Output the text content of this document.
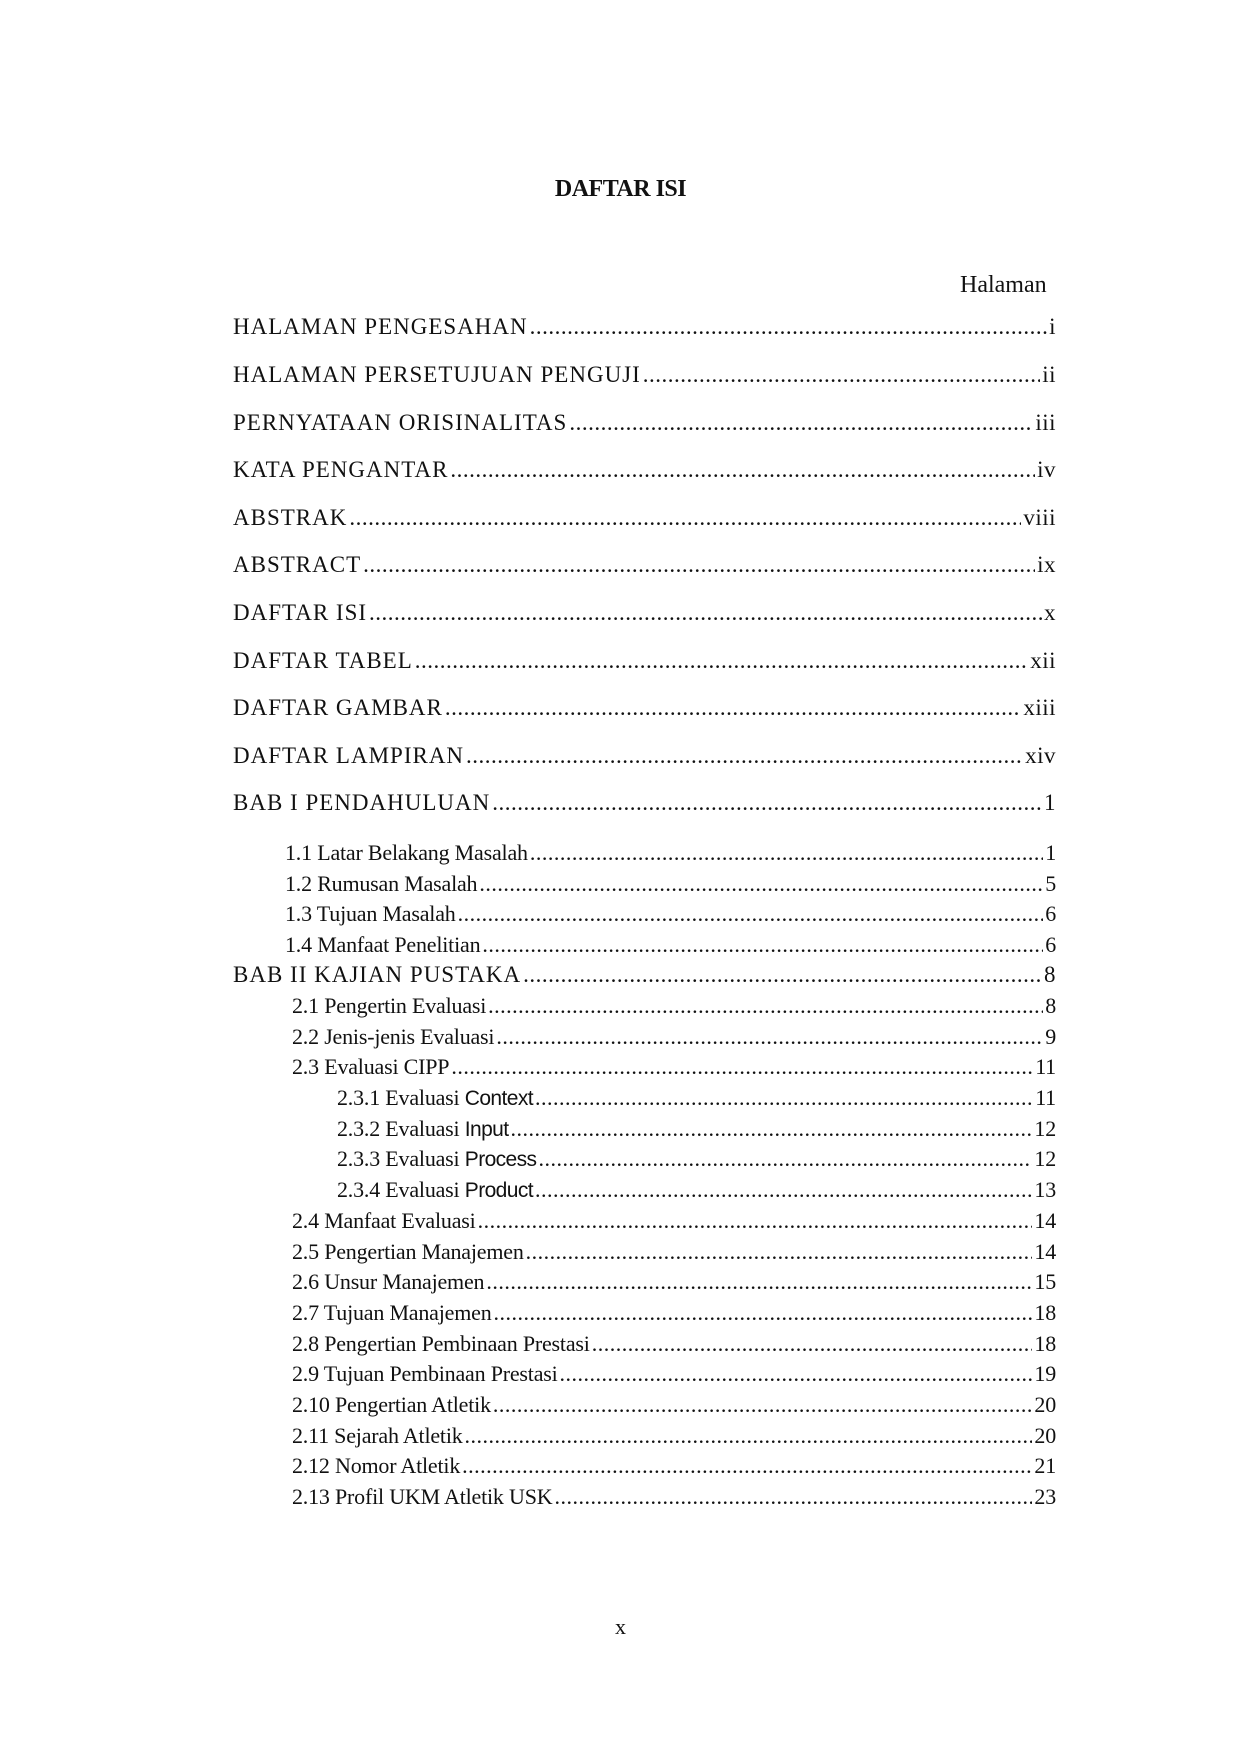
DAFTAR ISI
Halaman
HALAMAN PENGESAHAN .....	i
HALAMAN PERSETUJUAN PENGUJI .....	ii
PERNYATAAN ORISINALITAS .....	iii
KATA PENGANTAR .....	iv
ABSTRAK .....	viii
ABSTRACT .....	ix
DAFTAR ISI .....	x
DAFTAR TABEL .....	xii
DAFTAR GAMBAR .....	xiii
DAFTAR LAMPIRAN .....	xiv
BAB I PENDAHULUAN .....	1
1.1 Latar Belakang Masalah .....	1
1.2 Rumusan Masalah .....	5
1.3 Tujuan Masalah .....	6
1.4 Manfaat Penelitian .....	6
BAB II KAJIAN PUSTAKA .....	8
2.1 Pengertin Evaluasi .....	8
2.2 Jenis-jenis Evaluasi .....	9
2.3 Evaluasi CIPP .....	11
2.3.1 Evaluasi Context .....	11
2.3.2 Evaluasi Input .....	12
2.3.3 Evaluasi Process .....	12
2.3.4 Evaluasi Product .....	13
2.4 Manfaat Evaluasi .....	14
2.5 Pengertian Manajemen .....	14
2.6 Unsur Manajemen .....	15
2.7 Tujuan Manajemen .....	18
2.8 Pengertian Pembinaan Prestasi .....	18
2.9 Tujuan Pembinaan Prestasi .....	19
2.10 Pengertian Atletik .....	20
2.11 Sejarah Atletik .....	20
2.12 Nomor Atletik .....	21
2.13 Profil UKM Atletik USK .....	23
x
